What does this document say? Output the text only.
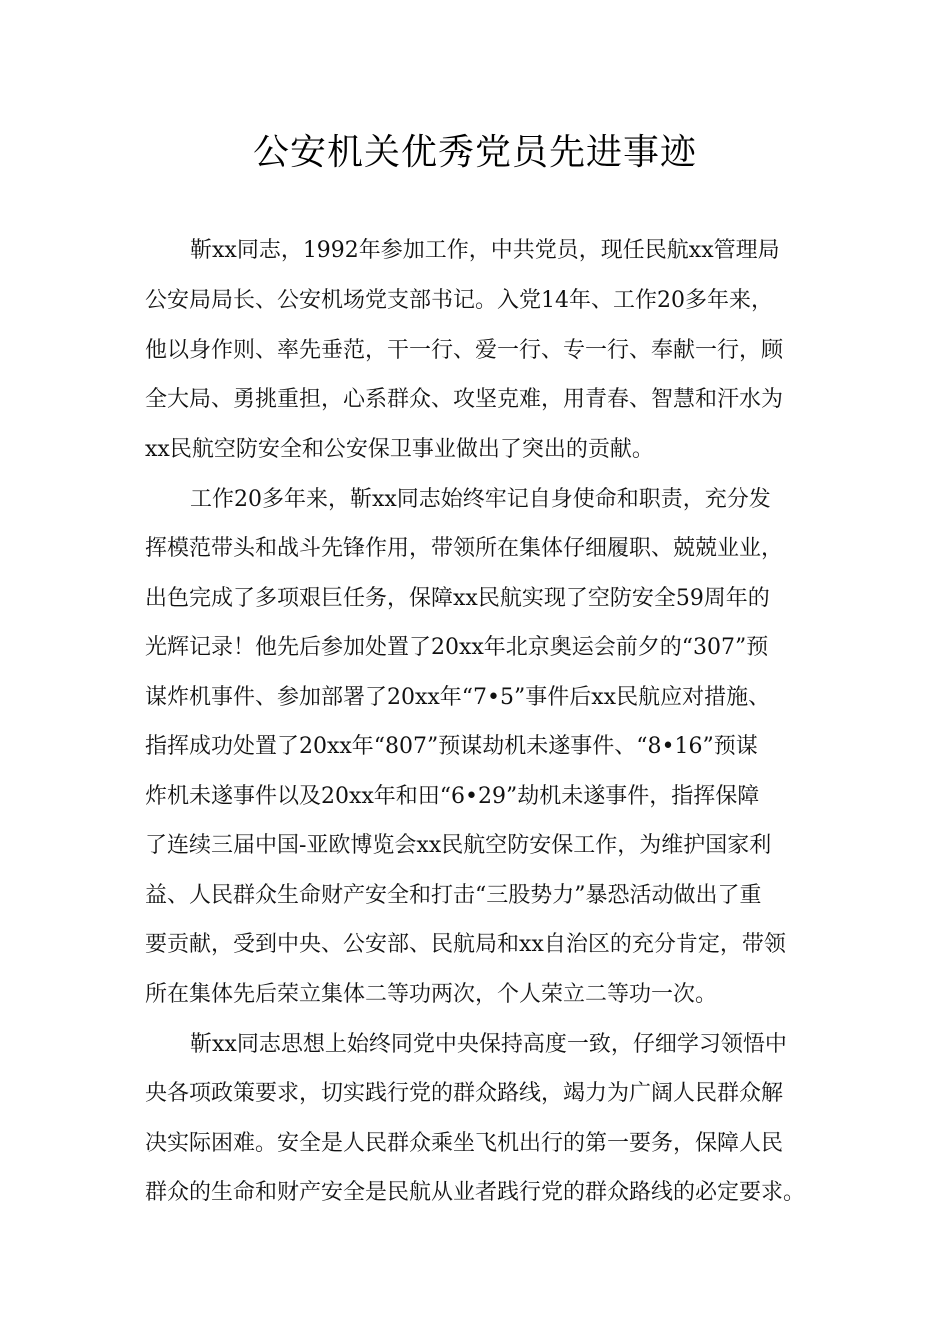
公安机关优秀党员先进事迹

靳xx同志，1992年参加工作，中共党员，现任民航xx管理局

公安局局长、公安机场党支部书记。入党14年、工作20多年来，

他以身作则、率先垂范，干一行、爱一行、专一行、奉献一行，顾

全大局、勇挑重担，心系群众、攻坚克难，用青春、智慧和汗水为

xx民航空防安全和公安保卫事业做出了突出的贡献。

工作20多年来，靳xx同志始终牢记自身使命和职责，充分发

挥模范带头和战斗先锋作用，带领所在集体仔细履职、兢兢业业，

出色完成了多项艰巨任务，保障xx民航实现了空防安全59周年的

光辉记录！他先后参加处置了20xx年北京奥运会前夕的“307”预

谋炸机事件、参加部署了20xx年“7•5”事件后xx民航应对措施、

指挥成功处置了20xx年“807”预谋劫机未遂事件、“8•16”预谋

炸机未遂事件以及20xx年和田“6•29”劫机未遂事件，指挥保障

了连续三届中国-亚欧博览会xx民航空防安保工作，为维护国家利

益、人民群众生命财产安全和打击“三股势力”暴恐活动做出了重

要贡献，受到中央、公安部、民航局和xx自治区的充分肯定，带领

所在集体先后荣立集体二等功两次，个人荣立二等功一次。

靳xx同志思想上始终同党中央保持高度一致，仔细学习领悟中

央各项政策要求，切实践行党的群众路线，竭力为广阔人民群众解

决实际困难。安全是人民群众乘坐飞机出行的第一要务，保障人民

群众的生命和财产安全是民航从业者践行党的群众路线的必定要求。
